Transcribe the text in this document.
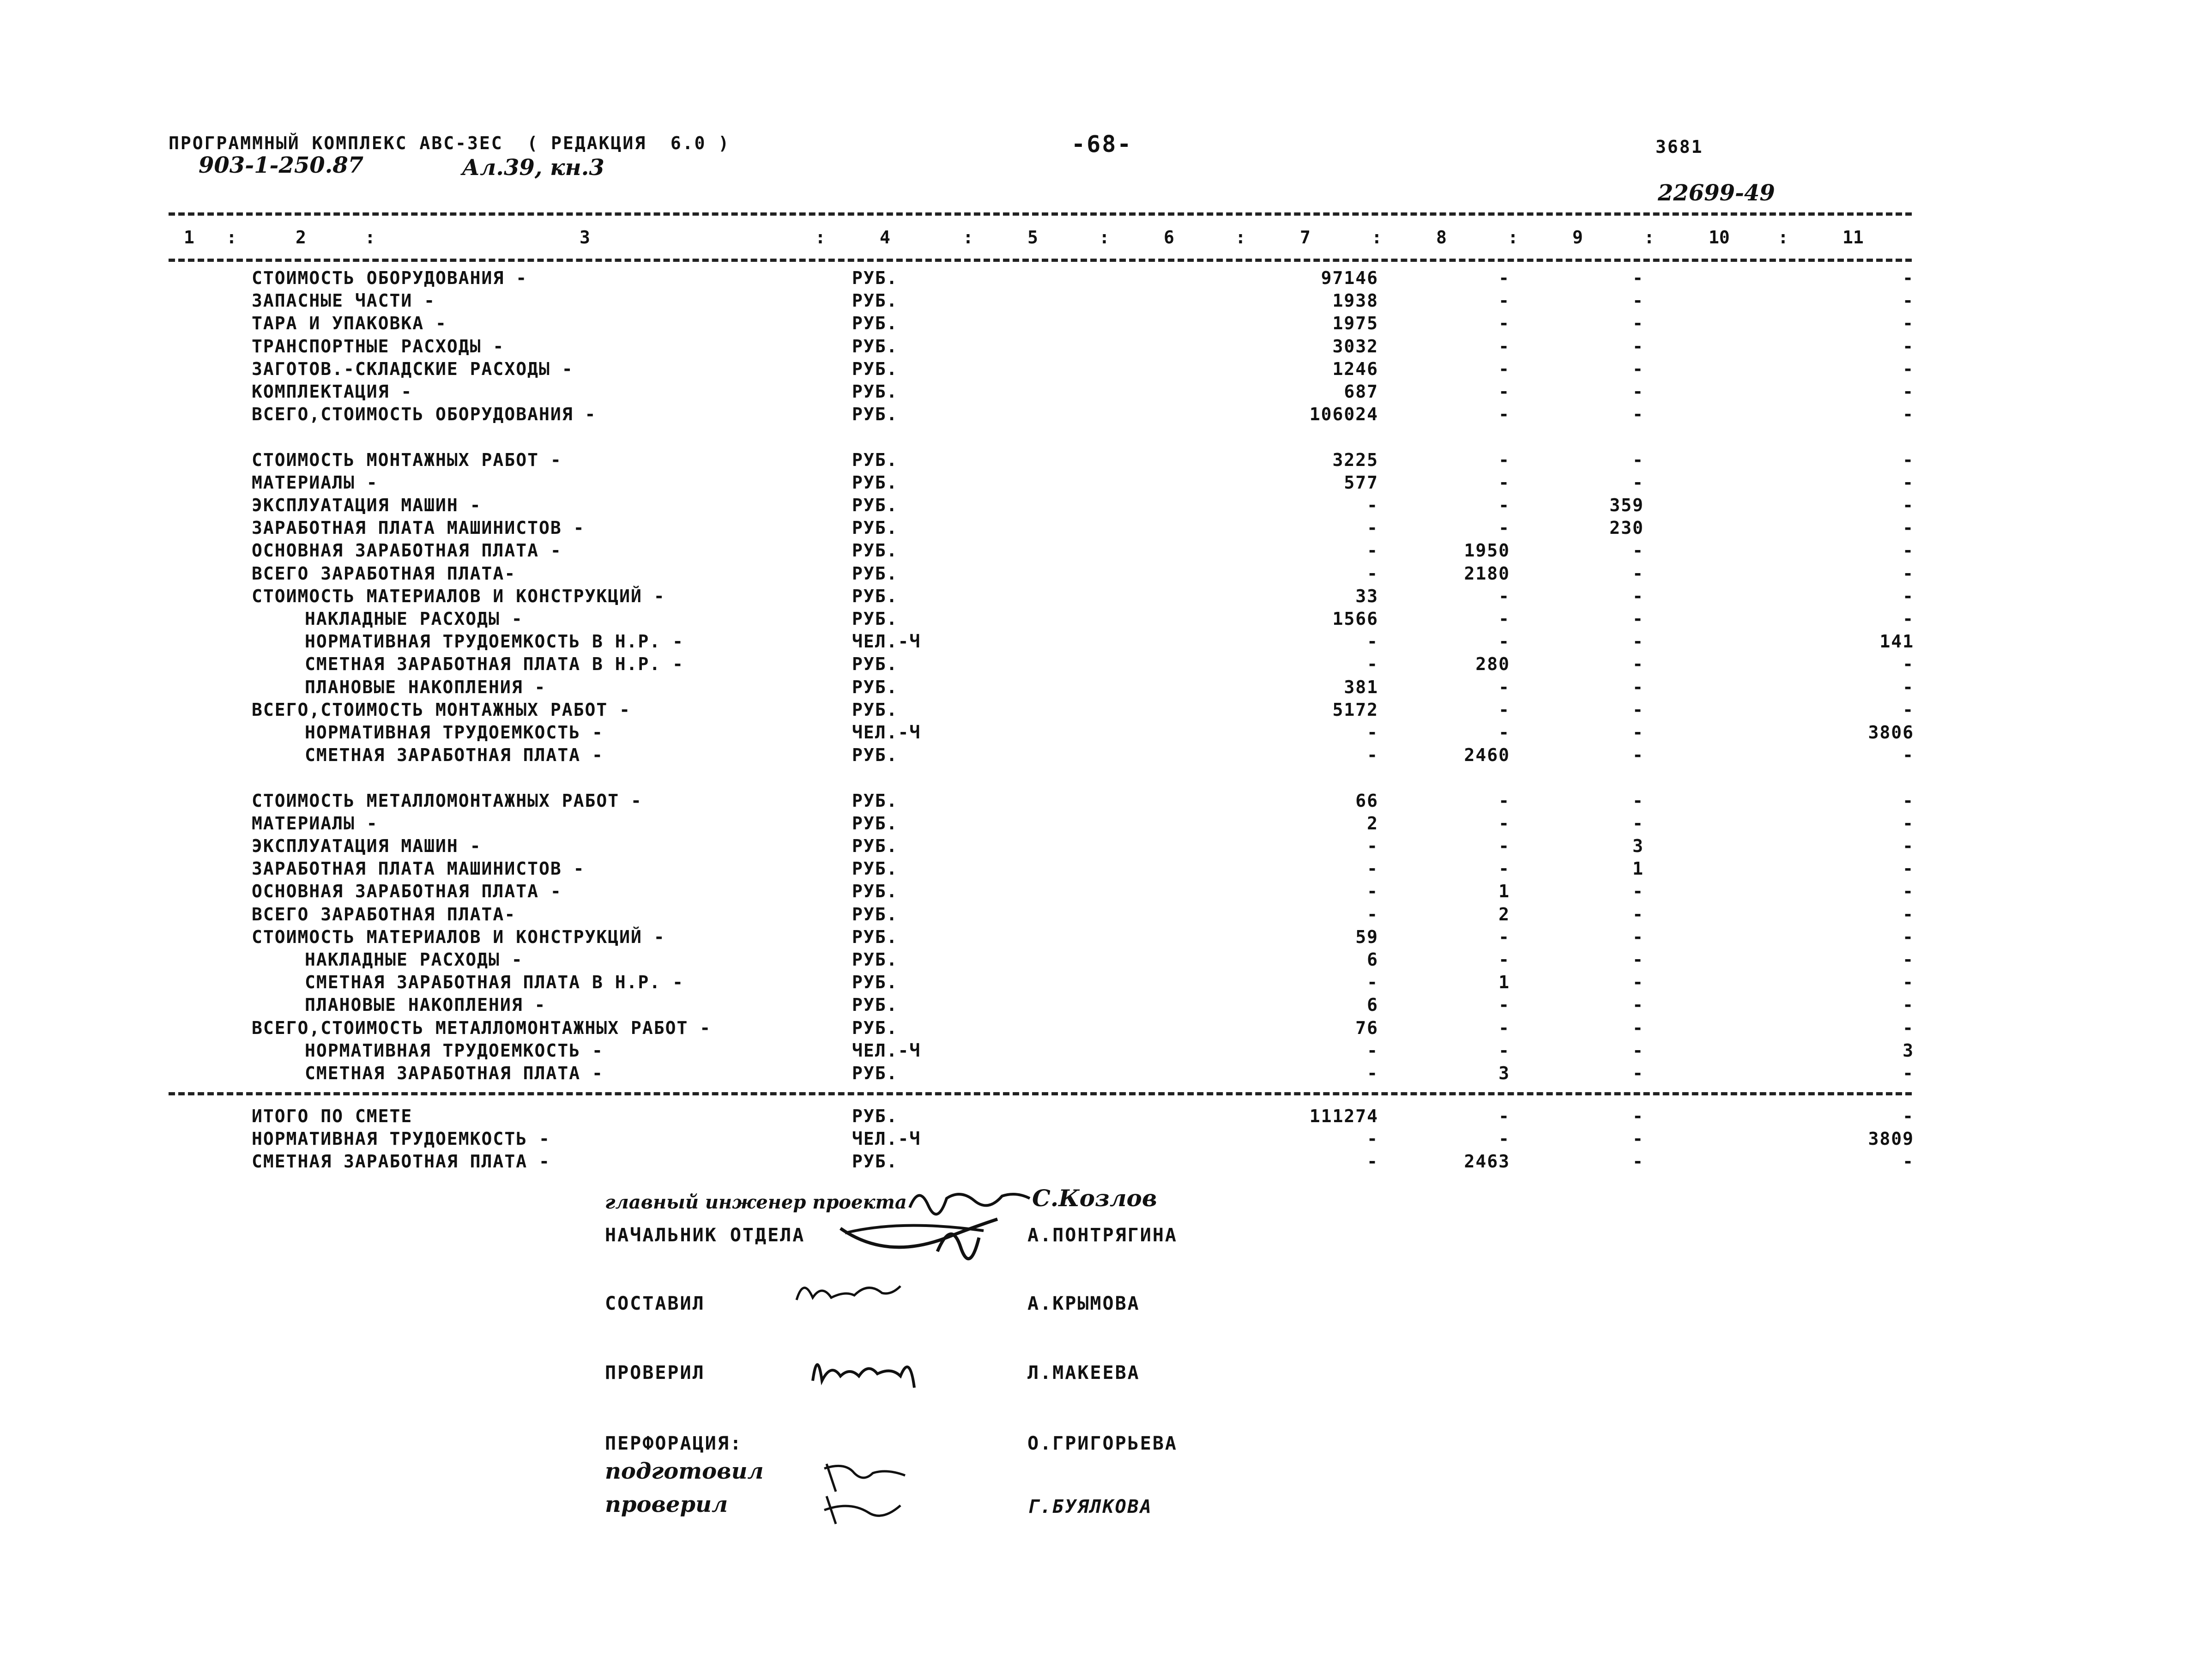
ПРОГРАММНЫЙ КОМПЛЕКС АВС-3ЕС  ( РЕДАКЦИЯ  6.0 )	-68-	3681
903-1-250.87	Ал.39, кн.3
22699-49
1 :	2	:	3	:	4	:	5	:	6	:	7	:	8	:	9	:	10	:	11
СТОИМОСТЬ ОБОРУДОВАНИЯ -	РУБ.	97146	-	-	-
ЗАПАСНЫЕ ЧАСТИ -	РУБ.	1938	-	-	-
ТАРА И УПАКОВКА -	РУБ.	1975	-	-	-
ТРАНСПОРТНЫЕ РАСХОДЫ -	РУБ.	3032	-	-	-
ЗАГОТОВ.-СКЛАДСКИЕ РАСХОДЫ -	РУБ.	1246	-	-	-
КОМПЛЕКТАЦИЯ -	РУБ.	687	-	-	-
ВСЕГО,СТОИМОСТЬ ОБОРУДОВАНИЯ -	РУБ.	106024	-	-	-
СТОИМОСТЬ МОНТАЖНЫХ РАБОТ -	РУБ.	3225	-	-	-
МАТЕРИАЛЫ -	РУБ.	577	-	-	-
ЭКСПЛУАТАЦИЯ МАШИН -	РУБ.	-	-	359	-
ЗАРАБОТНАЯ ПЛАТА МАШИНИСТОВ -	РУБ.	-	-	230	-
ОСНОВНАЯ ЗАРАБОТНАЯ ПЛАТА -	РУБ.	-	1950	-	-
ВСЕГО ЗАРАБОТНАЯ ПЛАТА-	РУБ.	-	2180	-	-
СТОИМОСТЬ МАТЕРИАЛОВ И КОНСТРУКЦИЙ -	РУБ.	33	-	-	-
НАКЛАДНЫЕ РАСХОДЫ -	РУБ.	1566	-	-	-
НОРМАТИВНАЯ ТРУДОЕМКОСТЬ В Н.Р. -	ЧЕЛ.-Ч	-	-	-	141
СМЕТНАЯ ЗАРАБОТНАЯ ПЛАТА В Н.Р. -	РУБ.	-	280	-	-
ПЛАНОВЫЕ НАКОПЛЕНИЯ -	РУБ.	381	-	-	-
ВСЕГО,СТОИМОСТЬ МОНТАЖНЫХ РАБОТ -	РУБ.	5172	-	-	-
НОРМАТИВНАЯ ТРУДОЕМКОСТЬ -	ЧЕЛ.-Ч	-	-	-	3806
СМЕТНАЯ ЗАРАБОТНАЯ ПЛАТА -	РУБ.	-	2460	-	-
СТОИМОСТЬ МЕТАЛЛОМОНТАЖНЫХ РАБОТ -	РУБ.	66	-	-	-
МАТЕРИАЛЫ -	РУБ.	2	-	-	-
ЭКСПЛУАТАЦИЯ МАШИН -	РУБ.	-	-	3	-
ЗАРАБОТНАЯ ПЛАТА МАШИНИСТОВ -	РУБ.	-	-	1	-
ОСНОВНАЯ ЗАРАБОТНАЯ ПЛАТА -	РУБ.	-	1	-	-
ВСЕГО ЗАРАБОТНАЯ ПЛАТА-	РУБ.	-	2	-	-
СТОИМОСТЬ МАТЕРИАЛОВ И КОНСТРУКЦИЙ -	РУБ.	59	-	-	-
НАКЛАДНЫЕ РАСХОДЫ -	РУБ.	6	-	-	-
СМЕТНАЯ ЗАРАБОТНАЯ ПЛАТА В Н.Р. -	РУБ.	-	1	-	-
ПЛАНОВЫЕ НАКОПЛЕНИЯ -	РУБ.	6	-	-	-
ВСЕГО,СТОИМОСТЬ МЕТАЛЛОМОНТАЖНЫХ РАБОТ -	РУБ.	76	-	-	-
НОРМАТИВНАЯ ТРУДОЕМКОСТЬ -	ЧЕЛ.-Ч	-	-	-	3
СМЕТНАЯ ЗАРАБОТНАЯ ПЛАТА -	РУБ.	-	3	-	-
ИТОГО ПО СМЕТЕ	РУБ.	111274	-	-	-
НОРМАТИВНАЯ ТРУДОЕМКОСТЬ -	ЧЕЛ.-Ч	-	-	-	3809
СМЕТНАЯ ЗАРАБОТНАЯ ПЛАТА -	РУБ.	-	2463	-	-
главный инженер проекта	С.Козлов
НАЧАЛЬНИК ОТДЕЛА	А.ПОНТРЯГИНА
СОСТАВИЛ	А.КРЫМОВА
ПРОВЕРИЛ	Л.МАКЕЕВА
ПЕРФОРАЦИЯ:	О.ГРИГОРЬЕВА
подготовил
проверил	Г.БУЯЛКОВА
